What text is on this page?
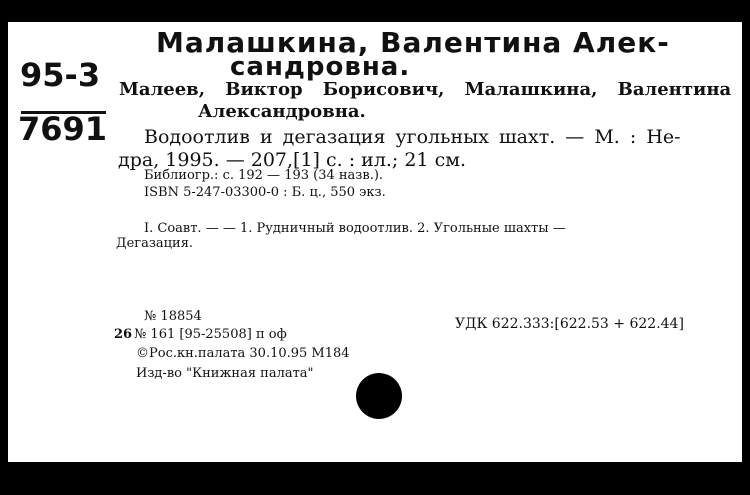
Малашкина, Валентина Алек-
сандровна.
95-3
7691
Малеев, Виктор Борисович, Малашкина, Валентина
Александровна.
Водоотлив и дегазация угольных шахт. — М. : Не-
дра, 1995. — 207,[1] с. : ил.; 21 см.
Библиогр.: с. 192 — 193 (34 назв.).
ISBN 5-247-03300-0 : Б. ц., 550 экз.
I. Соавт. — — 1. Рудничный водоотлив. 2. Угольные шахты —
Дегазация.
№ 18854
26 № 161 [95-25508] п оф
©Рос.кн.палата 30.10.95 М184
Изд-во "Книжная палата"
УДК 622.333:[622.53 + 622.44]
